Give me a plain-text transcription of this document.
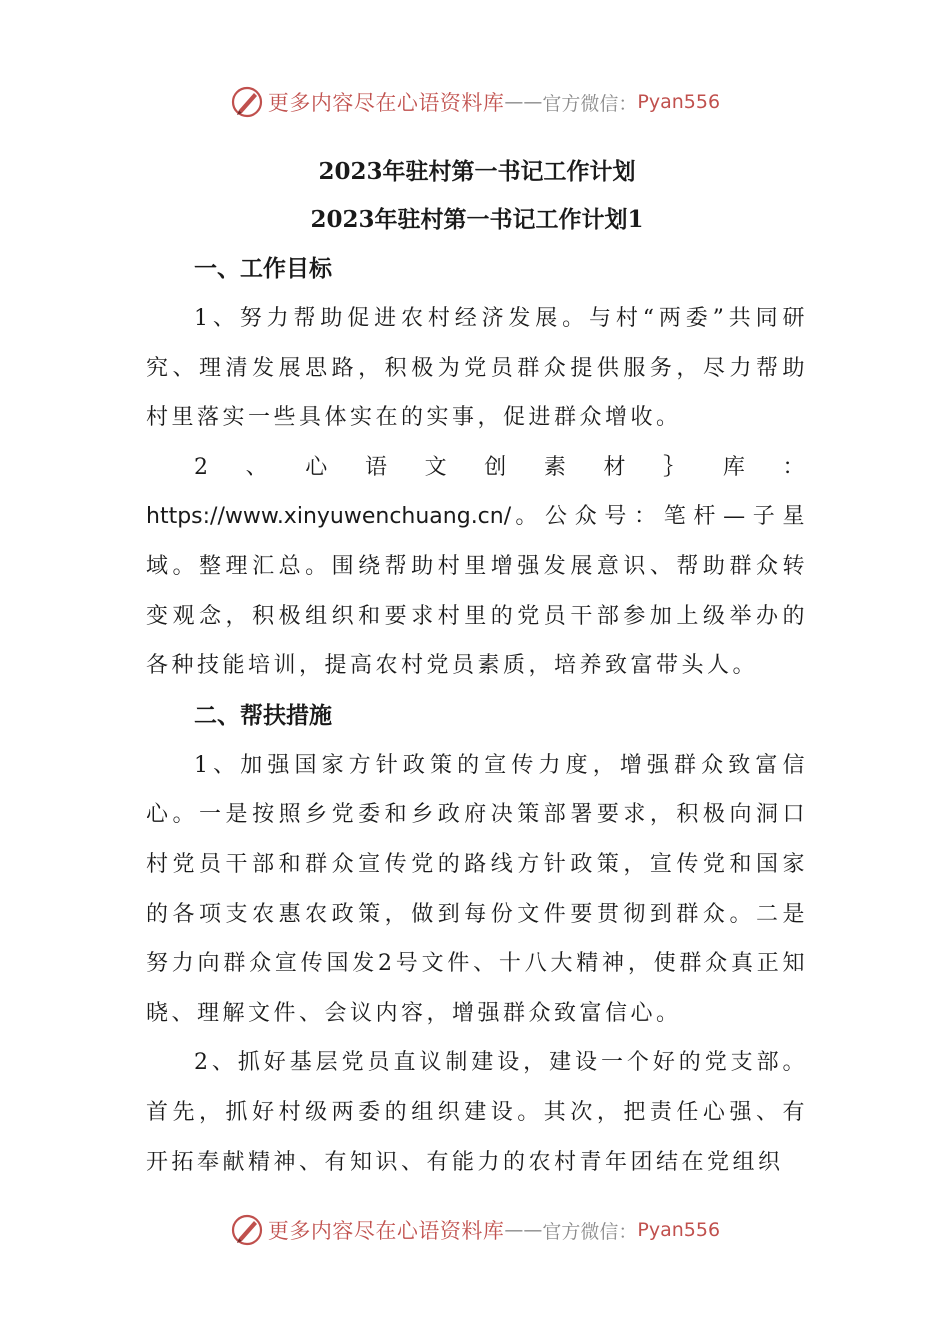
更多内容尽在心语资料库 —— 官方微信： Pyan556
2023年驻村第一书记工作计划
2023年驻村第一书记工作计划1
一、工作目标

1、努力帮助促进农村经济发展。与村“两委”共同研究、理清发展思路，积极为党员群众提供服务，尽力帮助村里落实一些具体实在的实事，促进群众增收。

2、心语文创素材｝库：https://www.xinyuwenchuang.cn/。公众号：笔杆—子星域。整理汇总。围绕帮助村里增强发展意识、帮助群众转变观念，积极组织和要求村里的党员干部参加上级举办的各种技能培训，提高农村党员素质，培养致富带头人。

二、帮扶措施

1、加强国家方针政策的宣传力度，增强群众致富信心。一是按照乡党委和乡政府决策部署要求，积极向洞口村党员干部和群众宣传党的路线方针政策，宣传党和国家的各项支农惠农政策，做到每份文件要贯彻到群众。二是努力向群众宣传国发2号文件、十八大精神，使群众真正知晓、理解文件、会议内容，增强群众致富信心。

2、抓好基层党员直议制建设，建设一个好的党支部。首先，抓好村级两委的组织建设。其次，把责任心强、有开拓奉献精神、有知识、有能力的农村青年团结在党组织

更多内容尽在心语资料库 —— 官方微信： Pyan556
